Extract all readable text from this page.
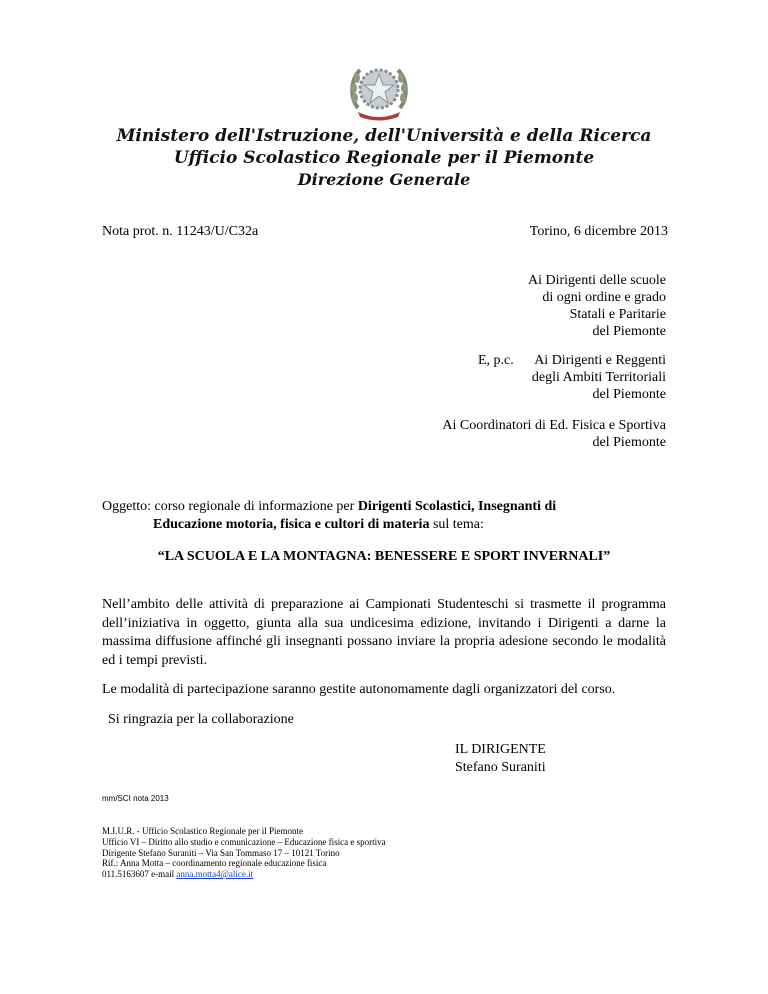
Ministero dell'Istruzione, dell'Università e della Ricerca
Ufficio Scolastico Regionale per il Piemonte
Direzione Generale
Nota prot. n. 11243/U/C32a	Torino, 6 dicembre 2013
Ai Dirigenti delle scuole
di ogni ordine e grado
Statali e Paritarie
del Piemonte
E, p.c.	Ai Dirigenti e Reggenti
degli Ambiti Territoriali
del Piemonte
Ai Coordinatori di Ed. Fisica e Sportiva
del Piemonte
Oggetto: corso regionale di informazione per Dirigenti Scolastici, Insegnanti di
Educazione motoria, fisica e cultori di materia sul tema:
“LA SCUOLA E LA MONTAGNA: BENESSERE E SPORT INVERNALI”
Nell’ambito delle attività di preparazione ai Campionati Studenteschi si trasmette il programma dell’iniziativa in oggetto, giunta alla sua undicesima edizione, invitando i Dirigenti a darne la massima diffusione affinché gli insegnanti possano inviare la propria adesione secondo le modalità ed i tempi previsti.
Le modalità di partecipazione saranno gestite autonomamente dagli organizzatori del corso.
Si ringrazia per la collaborazione
IL DIRIGENTE
Stefano Suraniti
mm/SCI nota 2013
M.I.U.R. - Ufficio Scolastico Regionale per il Piemonte
Ufficio VI – Diritto allo studio e comunicazione – Educazione fisica e sportiva
Dirigente Stefano Suraniti – Via San Tommaso 17 – 10121 Torino
Rif.: Anna Motta – coordinamento regionale educazione fisica
011.5163607 e-mail anna.motta4@alice.it
